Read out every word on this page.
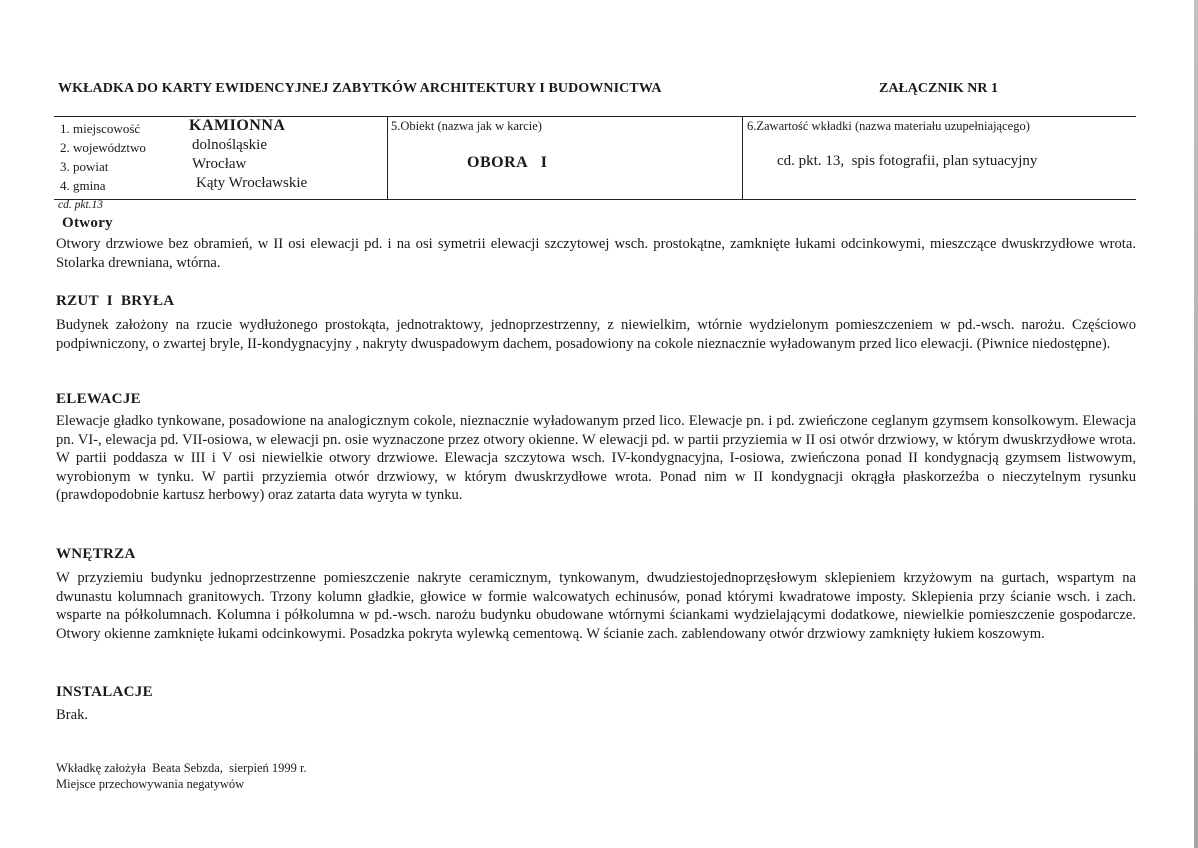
WKŁADKA DO KARTY EWIDENCYJNEJ ZABYTKÓW ARCHITEKTURY I BUDOWNICTWA	ZAŁĄCZNIK NR 1
1. miejscowość	KAMIONNA
2. województwo	dolnośląskie
3. powiat	Wrocław
4. gmina	Kąty Wrocławskie
5.Obiekt (nazwa jak w karcie)
OBORA   I
6.Zawartość wkładki (nazwa materiału uzupełniającego)
cd. pkt. 13,  spis fotografii, plan sytuacyjny
cd. pkt.13
Otwory
Otwory drzwiowe bez obramień, w II osi elewacji pd. i na osi symetrii elewacji szczytowej wsch. prostokątne, zamknięte łukami odcinkowymi, mieszczące dwuskrzydłowe wrota. Stolarka drewniana, wtórna.
RZUT  I  BRYŁA
Budynek założony na rzucie wydłużonego prostokąta, jednotraktowy, jednoprzestrzenny, z niewielkim, wtórnie wydzielonym pomieszczeniem w pd.-wsch. narożu. Częściowo podpiwniczony, o zwartej bryle, II-kondygnacyjny , nakryty dwuspadowym dachem, posadowiony na cokole nieznacznie wyładowanym przed lico elewacji. (Piwnice niedostępne).
ELEWACJE
Elewacje gładko tynkowane, posadowione na analogicznym cokole, nieznacznie wyładowanym przed lico. Elewacje pn. i pd. zwieńczone ceglanym gzymsem konsolkowym. Elewacja pn. VI-, elewacja pd. VII-osiowa, w elewacji pn. osie wyznaczone przez otwory okienne. W elewacji pd. w partii przyziemia w II osi otwór drzwiowy, w którym dwuskrzydłowe wrota. W partii poddasza w III i V osi niewielkie otwory drzwiowe. Elewacja szczytowa wsch. IV-kondygnacyjna, I-osiowa, zwieńczona ponad II kondygnacją gzymsem listwowym, wyrobionym w tynku. W partii przyziemia otwór drzwiowy, w którym dwuskrzydłowe wrota. Ponad nim w II kondygnacji okrągła płaskorzeźba o nieczytelnym rysunku (prawdopodobnie kartusz herbowy) oraz zatarta data wyryta w tynku.
WNĘTRZA
W przyziemiu budynku jednoprzestrzenne pomieszczenie nakryte ceramicznym, tynkowanym, dwudziestojednoprzęsłowym sklepieniem krzyżowym na gurtach, wspartym na dwunastu kolumnach granitowych. Trzony kolumn gładkie, głowice w formie walcowatych echinusów, ponad którymi kwadratowe imposty. Sklepienia przy ścianie wsch. i zach. wsparte na półkolumnach. Kolumna i półkolumna w pd.-wsch. narożu budynku obudowane wtórnymi ściankami wydzielającymi dodatkowe, niewielkie pomieszczenie gospodarcze. Otwory okienne zamknięte łukami odcinkowymi. Posadzka pokryta wylewką cementową. W ścianie zach. zablendowany otwór drzwiowy zamknięty łukiem koszowym.
INSTALACJE
Brak.
Wkładkę założyła  Beata Sebzda,  sierpień 1999 r.
Miejsce przechowywania negatywów
